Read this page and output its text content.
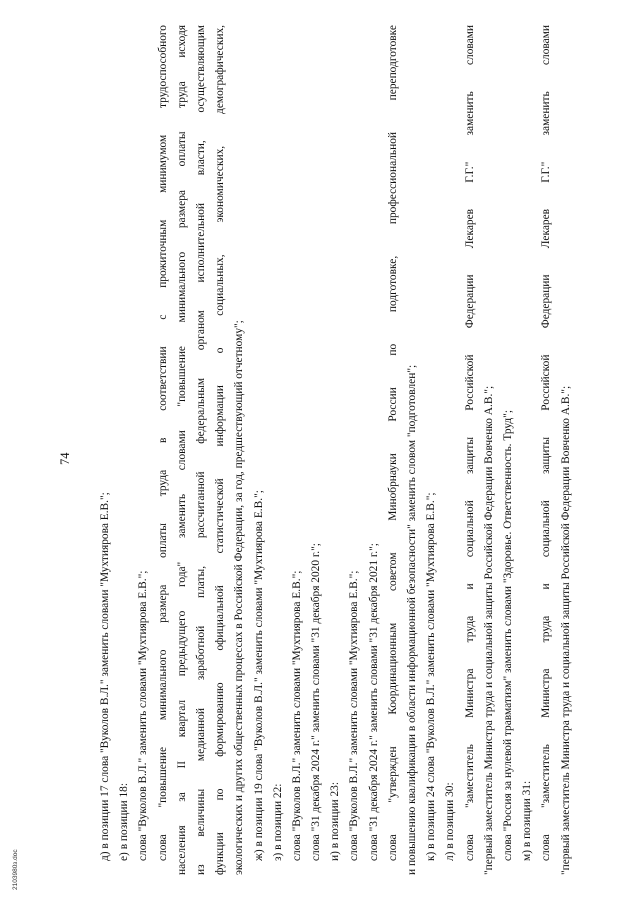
74
д) в позиции 17 слова "Вуколов В.Л." заменить словами "Мухтиярова Е.В."; е) в позиции 18: слова "Вуколов В.Л." заменить словами "Мухтиярова Е.В."; слова "повышение минимального размера оплаты труда в соответствии с прожиточным минимумом трудоспособного населения за II квартал предыдущего года" заменить словами "повышение минимального размера оплаты труда исходя из величины медианной заработной платы, рассчитанной федеральным органом исполнительной власти, осуществляющим функции по формированию официальной статистической информации о социальных, экономических, демографических, экологических и других общественных процессах в Российской Федерации, за год, предшествующий отчетному"; ж) в позиции 19 слова "Вуколов В.Л." заменить словами "Мухтиярова Е.В."; з) в позиции 22: слова "Вуколов В.Л." заменить словами "Мухтиярова Е.В."; слова "31 декабря 2024 г." заменить словами "31 декабря 2020 г."; и) в позиции 23: слова "Вуколов В.Л." заменить словами "Мухтиярова Е.В."; слова "31 декабря 2024 г." заменить словами "31 декабря 2021 г."; слова "утвержден Координационным советом Минобрнауки России по подготовке, профессиональной переподготовке и повышению квалификации в области информационной безопасности" заменить словом "подготовлен"; к) в позиции 24 слова "Вуколов В.Л." заменить словами "Мухтиярова Е.В."; л) в позиции 30: слова "заместитель Министра труда и социальной защиты Российской Федерации Лекарев Г.Г." заменить словами "первый заместитель Министра труда и социальной защиты Российской Федерации Вовченко А.В."; слова "Россия за нулевой травматизм" заменить словами "Здоровье. Ответственность. Труд"; м) в позиции 31: слова "заместитель Министра труда и социальной защиты Российской Федерации Лекарев Г.Г." заменить словами "первый заместитель Министра труда и социальной защиты Российской Федерации Вовченко А.В.";
2103980з.doc
